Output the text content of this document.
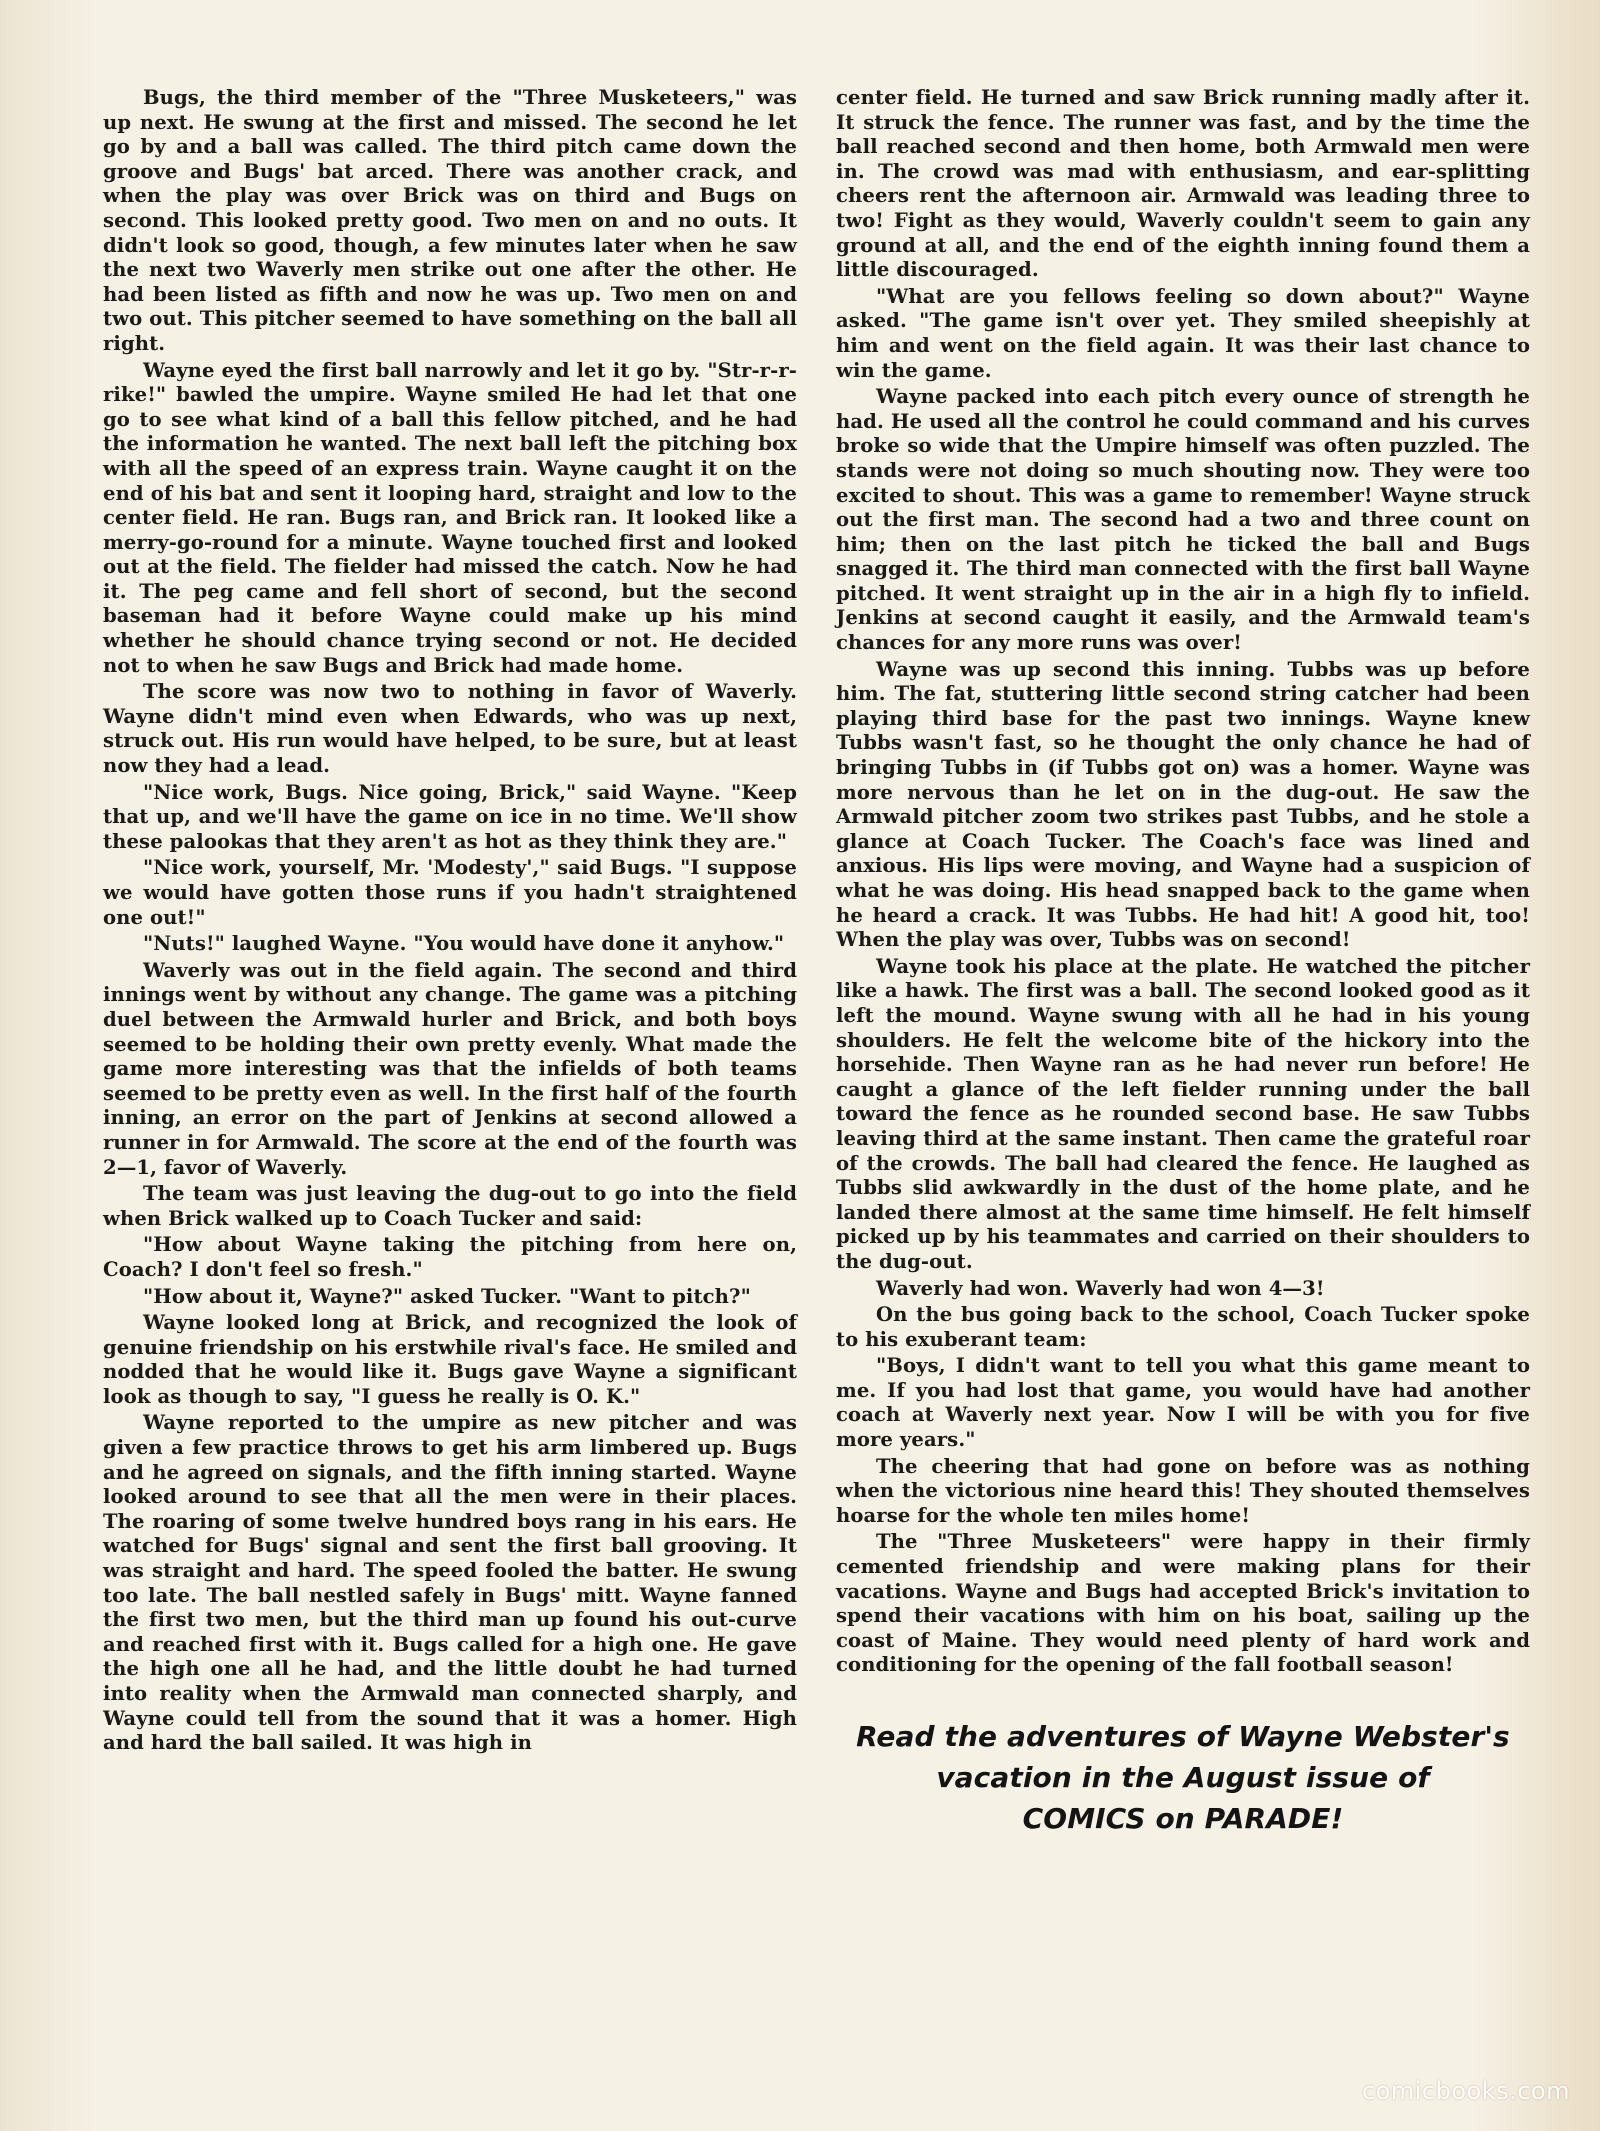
Bugs, the third member of the "Three Musketeers," was up next. He swung at the first and missed. The second he let go by and a ball was called. The third pitch came down the groove and Bugs' bat arced. There was another crack, and when the play was over Brick was on third and Bugs on second. This looked pretty good. Two men on and no outs. It didn't look so good, though, a few minutes later when he saw the next two Waverly men strike out one after the other. He had been listed as fifth and now he was up. Two men on and two out. This pitcher seemed to have something on the ball all right.

Wayne eyed the first ball narrowly and let it go by. "Str-r-r-rike!" bawled the umpire. Wayne smiled He had let that one go to see what kind of a ball this fellow pitched, and he had the information he wanted. The next ball left the pitching box with all the speed of an express train. Wayne caught it on the end of his bat and sent it looping hard, straight and low to the center field. He ran. Bugs ran, and Brick ran. It looked like a merry-go-round for a minute. Wayne touched first and looked out at the field. The fielder had missed the catch. Now he had it. The peg came and fell short of second, but the second baseman had it before Wayne could make up his mind whether he should chance trying second or not. He decided not to when he saw Bugs and Brick had made home.

The score was now two to nothing in favor of Waverly. Wayne didn't mind even when Edwards, who was up next, struck out. His run would have helped, to be sure, but at least now they had a lead.

"Nice work, Bugs. Nice going, Brick," said Wayne. "Keep that up, and we'll have the game on ice in no time. We'll show these palookas that they aren't as hot as they think they are."

"Nice work, yourself, Mr. 'Modesty'," said Bugs. "I suppose we would have gotten those runs if you hadn't straightened one out!"

"Nuts!" laughed Wayne. "You would have done it anyhow."

Waverly was out in the field again. The second and third innings went by without any change. The game was a pitching duel between the Armwald hurler and Brick, and both boys seemed to be holding their own pretty evenly. What made the game more interesting was that the infields of both teams seemed to be pretty even as well. In the first half of the fourth inning, an error on the part of Jenkins at second allowed a runner in for Armwald. The score at the end of the fourth was 2—1, favor of Waverly.

The team was just leaving the dug-out to go into the field when Brick walked up to Coach Tucker and said:

"How about Wayne taking the pitching from here on, Coach? I don't feel so fresh."

"How about it, Wayne?" asked Tucker. "Want to pitch?"

Wayne looked long at Brick, and recognized the look of genuine friendship on his erstwhile rival's face. He smiled and nodded that he would like it. Bugs gave Wayne a significant look as though to say, "I guess he really is O. K."

Wayne reported to the umpire as new pitcher and was given a few practice throws to get his arm limbered up. Bugs and he agreed on signals, and the fifth inning started. Wayne looked around to see that all the men were in their places. The roaring of some twelve hundred boys rang in his ears. He watched for Bugs' signal and sent the first ball grooving. It was straight and hard. The speed fooled the batter. He swung too late. The ball nestled safely in Bugs' mitt. Wayne fanned the first two men, but the third man up found his out-curve and reached first with it. Bugs called for a high one. He gave the high one all he had, and the little doubt he had turned into reality when the Armwald man connected sharply, and Wayne could tell from the sound that it was a homer. High and hard the ball sailed. It was high in

center field. He turned and saw Brick running madly after it. It struck the fence. The runner was fast, and by the time the ball reached second and then home, both Armwald men were in. The crowd was mad with enthusiasm, and ear-splitting cheers rent the afternoon air. Armwald was leading three to two! Fight as they would, Waverly couldn't seem to gain any ground at all, and the end of the eighth inning found them a little discouraged.

"What are you fellows feeling so down about?" Wayne asked. "The game isn't over yet. They smiled sheepishly at him and went on the field again. It was their last chance to win the game.

Wayne packed into each pitch every ounce of strength he had. He used all the control he could command and his curves broke so wide that the Umpire himself was often puzzled. The stands were not doing so much shouting now. They were too excited to shout. This was a game to remember! Wayne struck out the first man. The second had a two and three count on him; then on the last pitch he ticked the ball and Bugs snagged it. The third man connected with the first ball Wayne pitched. It went straight up in the air in a high fly to infield. Jenkins at second caught it easily, and the Armwald team's chances for any more runs was over!

Wayne was up second this inning. Tubbs was up before him. The fat, stuttering little second string catcher had been playing third base for the past two innings. Wayne knew Tubbs wasn't fast, so he thought the only chance he had of bringing Tubbs in (if Tubbs got on) was a homer. Wayne was more nervous than he let on in the dug-out. He saw the Armwald pitcher zoom two strikes past Tubbs, and he stole a glance at Coach Tucker. The Coach's face was lined and anxious. His lips were moving, and Wayne had a suspicion of what he was doing. His head snapped back to the game when he heard a crack. It was Tubbs. He had hit! A good hit, too! When the play was over, Tubbs was on second!

Wayne took his place at the plate. He watched the pitcher like a hawk. The first was a ball. The second looked good as it left the mound. Wayne swung with all he had in his young shoulders. He felt the welcome bite of the hickory into the horsehide. Then Wayne ran as he had never run before! He caught a glance of the left fielder running under the ball toward the fence as he rounded second base. He saw Tubbs leaving third at the same instant. Then came the grateful roar of the crowds. The ball had cleared the fence. He laughed as Tubbs slid awkwardly in the dust of the home plate, and he landed there almost at the same time himself. He felt himself picked up by his teammates and carried on their shoulders to the dug-out.

Waverly had won. Waverly had won 4—3!

On the bus going back to the school, Coach Tucker spoke to his exuberant team:

"Boys, I didn't want to tell you what this game meant to me. If you had lost that game, you would have had another coach at Waverly next year. Now I will be with you for five more years."

The cheering that had gone on before was as nothing when the victorious nine heard this! They shouted themselves hoarse for the whole ten miles home!

The "Three Musketeers" were happy in their firmly cemented friendship and were making plans for their vacations. Wayne and Bugs had accepted Brick's invitation to spend their vacations with him on his boat, sailing up the coast of Maine. They would need plenty of hard work and conditioning for the opening of the fall football season!

Read the adventures of Wayne Webster's
vacation in the August issue of
COMICS on PARADE!
comicbooks.com
